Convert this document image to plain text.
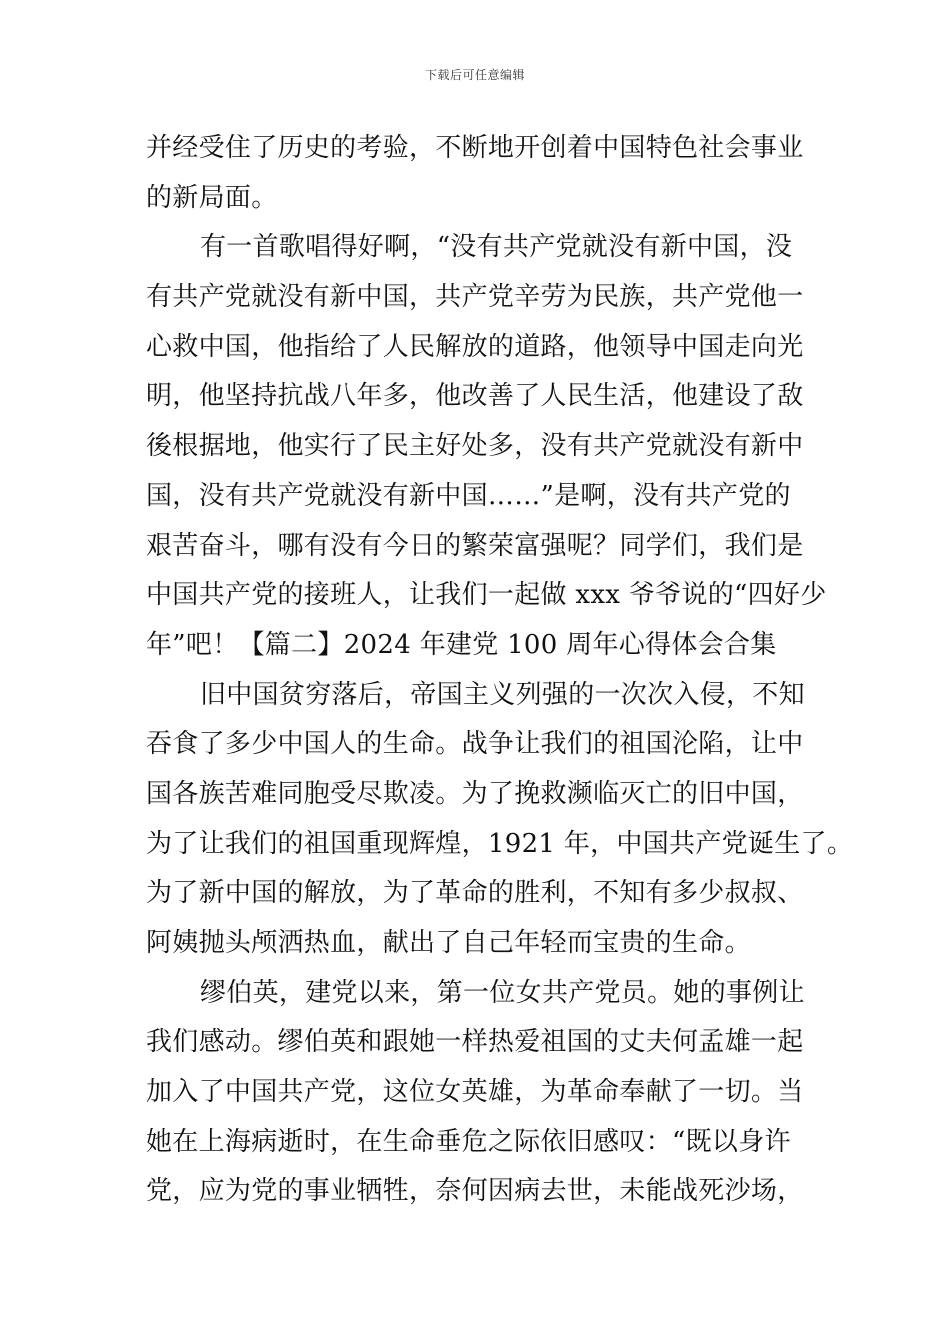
下载后可任意编辑
并经受住了历史的考验，不断地开创着中国特色社会事业
的新局面。
有一首歌唱得好啊，“没有共产党就没有新中国，没
有共产党就没有新中国，共产党辛劳为民族，共产党他一
心救中国，他指给了人民解放的道路，他领导中国走向光
明，他坚持抗战八年多，他改善了人民生活，他建设了敌
後根据地，他实行了民主好处多，没有共产党就没有新中
国，没有共产党就没有新中国……”是啊，没有共产党的
艰苦奋斗，哪有没有今日的繁荣富强呢？同学们，我们是
中国共产党的接班人，让我们一起做 xxx 爷爷说的“四好少
年”吧！【篇二】2024 年建党 100 周年心得体会合集
旧中国贫穷落后，帝国主义列强的一次次入侵，不知
吞食了多少中国人的生命。战争让我们的祖国沦陷，让中
国各族苦难同胞受尽欺凌。为了挽救濒临灭亡的旧中国，
为了让我们的祖国重现辉煌，1921 年，中国共产党诞生了。
为了新中国的解放，为了革命的胜利，不知有多少叔叔、
阿姨抛头颅洒热血，献出了自己年轻而宝贵的生命。
缪伯英，建党以来，第一位女共产党员。她的事例让
我们感动。缪伯英和跟她一样热爱祖国的丈夫何孟雄一起
加入了中国共产党，这位女英雄，为革命奉献了一切。当
她在上海病逝时，在生命垂危之际依旧感叹：“既以身许
党，应为党的事业牺牲，奈何因病去世，未能战死沙场，
